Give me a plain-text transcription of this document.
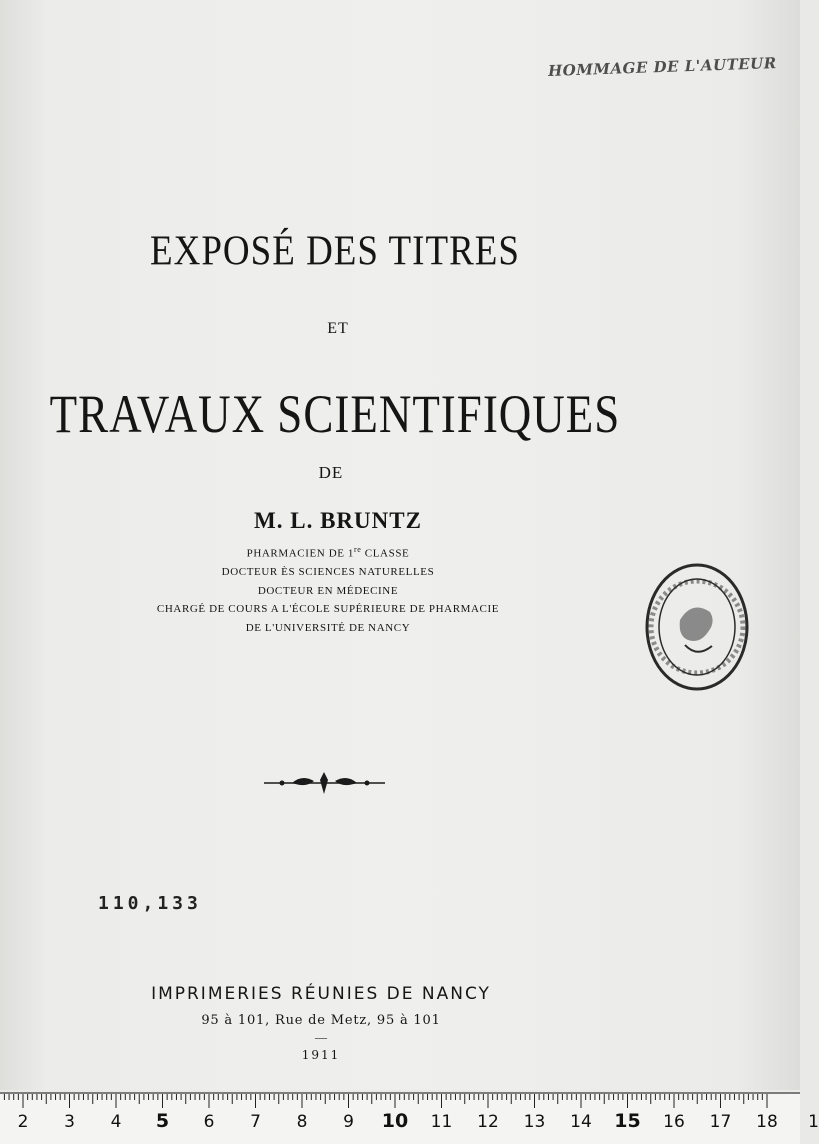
HOMMAGE DE L'AUTEUR
EXPOSÉ DES TITRES
ET
TRAVAUX SCIENTIFIQUES
DE
M. L. BRUNTZ
PHARMACIEN DE 1re CLASSE
DOCTEUR ÈS SCIENCES NATURELLES
DOCTEUR EN MÉDECINE
CHARGÉ DE COURS A L'ÉCOLE SUPÉRIEURE DE PHARMACIE
DE L'UNIVERSITÉ DE NANCY
110,133
IMPRIMERIES RÉUNIES DE NANCY
95 à 101, Rue de Metz, 95 à 101
—
1911
2 3 4 5 6 7 8 9 10 11 12 13 14 15 16 17 18 1
